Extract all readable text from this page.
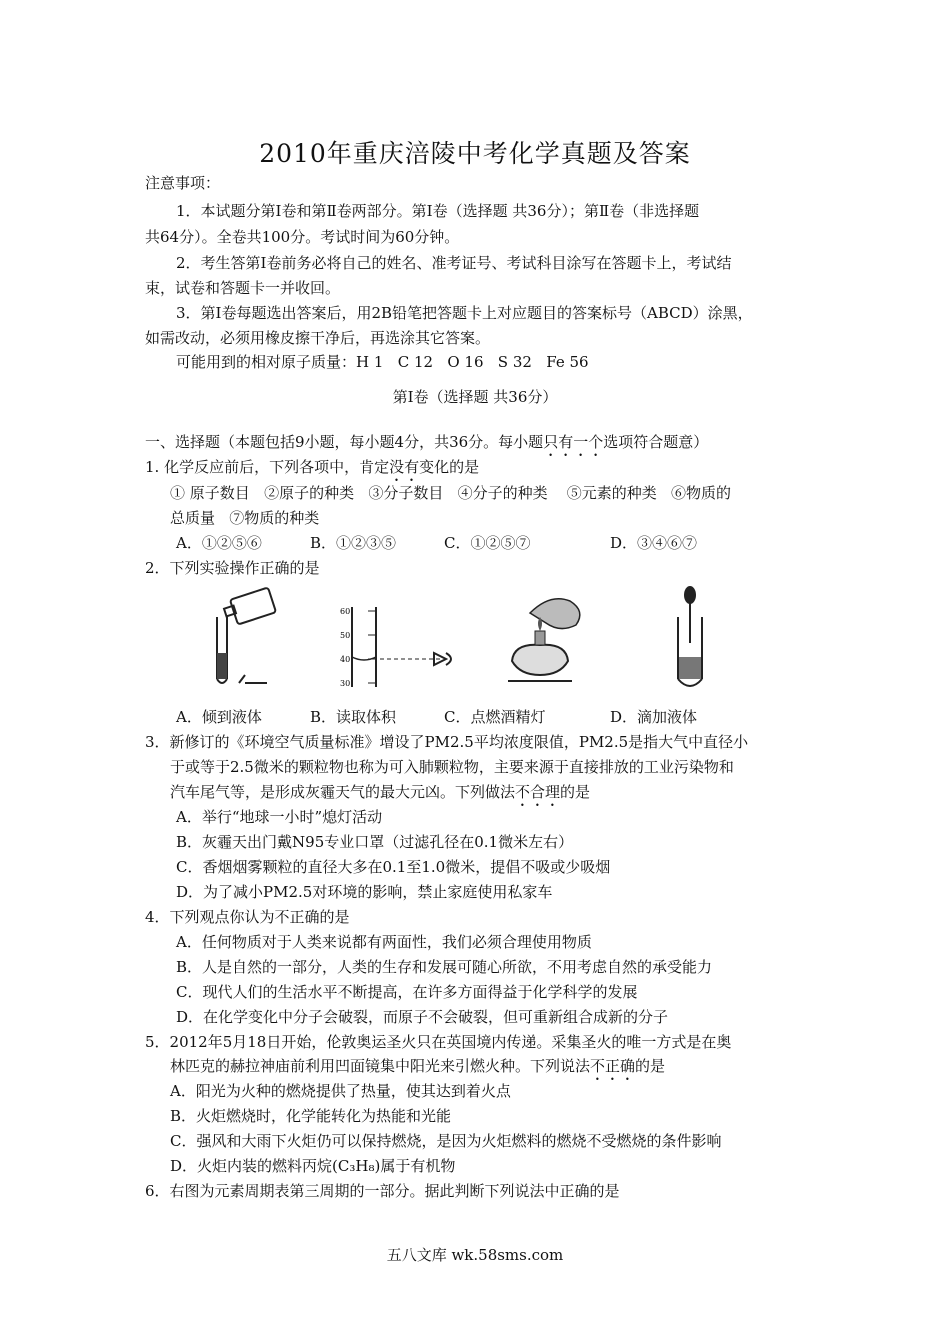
2010年重庆涪陵中考化学真题及答案
注意事项：
1．本试题分第Ⅰ卷和第Ⅱ卷两部分。第Ⅰ卷（选择题 共36分）；第Ⅱ卷（非选择题
共64分）。全卷共100分。考试时间为60分钟。
2．考生答第Ⅰ卷前务必将自己的姓名、准考证号、考试科目涂写在答题卡上，考试结
束，试卷和答题卡一并收回。
3．第Ⅰ卷每题选出答案后，用2B铅笔把答题卡上对应题目的答案标号（ABCD）涂黑，
如需改动，必须用橡皮擦干净后，再选涂其它答案。
可能用到的相对原子质量：H 1   C 12   O 16   S 32   Fe 56
第Ⅰ卷（选择题 共36分）
一、选择题（本题包括9小题，每小题4分，共36分。每小题只有一个选项符合题意）
1. 化学反应前后，下列各项中，肯定没有变化的是
① 原子数目   ②原子的种类   ③分子数目   ④分子的种类    ⑤元素的种类   ⑥物质的
总质量   ⑦物质的种类
A．①②⑤⑥	B．①②③⑤	C．①②⑤⑦	D．③④⑥⑦
2．下列实验操作正确的是
60
50
40
30
A．倾到液体	B．读取体积	C．点燃酒精灯	D．滴加液体
3．新修订的《环境空气质量标准》增设了PM2.5平均浓度限值，PM2.5是指大气中直径小
于或等于2.5微米的颗粒物也称为可入肺颗粒物，主要来源于直接排放的工业污染物和
汽车尾气等，是形成灰霾天气的最大元凶。下列做法不合理的是
A．举行“地球一小时”熄灯活动
B．灰霾天出门戴N95专业口罩（过滤孔径在0.1微米左右）
C．香烟烟雾颗粒的直径大多在0.1至1.0微米，提倡不吸或少吸烟
D．为了减小PM2.5对环境的影响，禁止家庭使用私家车
4．下列观点你认为不正确的是
A．任何物质对于人类来说都有两面性，我们必须合理使用物质
B．人是自然的一部分，人类的生存和发展可随心所欲，不用考虑自然的承受能力
C．现代人们的生活水平不断提高，在许多方面得益于化学科学的发展
D．在化学变化中分子会破裂，而原子不会破裂，但可重新组合成新的分子
5．2012年5月18日开始，伦敦奥运圣火只在英国境内传递。采集圣火的唯一方式是在奥
林匹克的赫拉神庙前利用凹面镜集中阳光来引燃火种。下列说法不正确的是
A．阳光为火种的燃烧提供了热量，使其达到着火点
B．火炬燃烧时，化学能转化为热能和光能
C．强风和大雨下火炬仍可以保持燃烧，是因为火炬燃料的燃烧不受燃烧的条件影响
D．火炬内装的燃料丙烷(C₃H₈)属于有机物
6．右图为元素周期表第三周期的一部分。据此判断下列说法中正确的是
五八文库 wk.58sms.com
